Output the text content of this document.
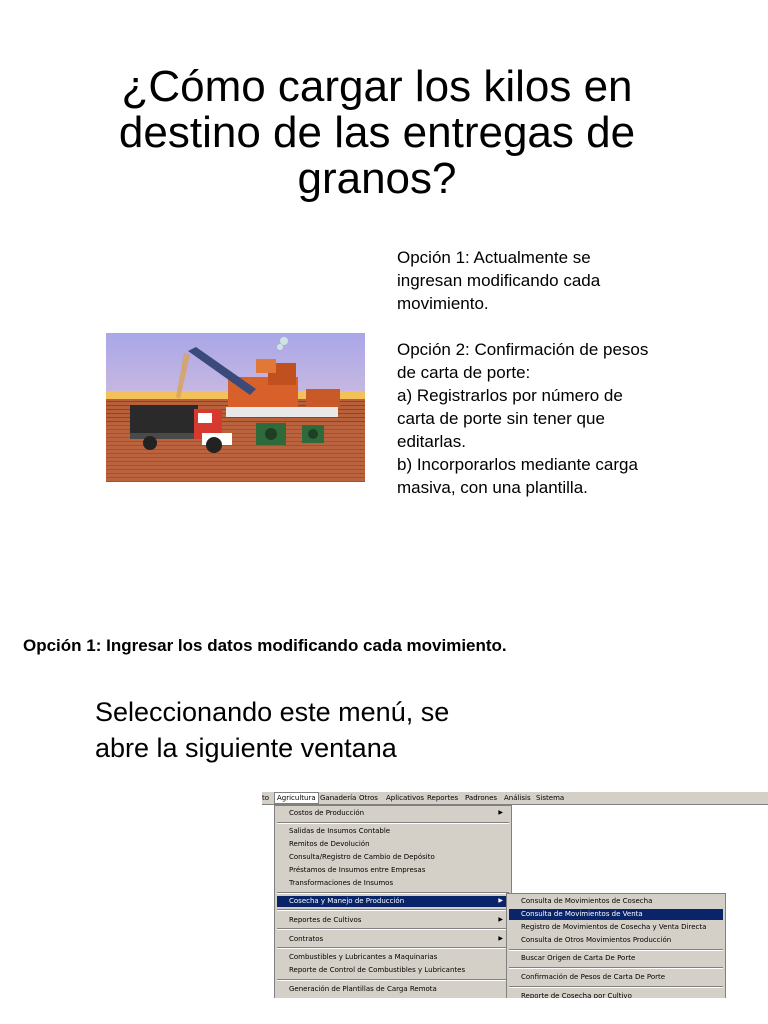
¿Cómo cargar los kilos en
destino de las entregas de
granos?
Opción 1: Actualmente se
ingresan modificando cada
movimiento.
Opción 2: Confirmación de pesos
de carta de porte:
a) Registrarlos por número de
carta de porte sin tener que
editarlas.
b) Incorporarlos mediante carga
masiva, con una plantilla.
Opción 1: Ingresar los datos modificando cada movimiento.
Seleccionando este menú, se
abre la siguiente ventana
to	Agricultura Ganadería Otros Aplicativos Reportes Padrones Análisis Sistema
Costos de Producción	▶
Salidas de Insumos Contable
Remitos de Devolución
Consulta/Registro de Cambio de Depósito
Préstamos de Insumos entre Empresas
Transformaciones de Insumos
Cosecha y Manejo de Producción	▶
Reportes de Cultivos	▶
Contratos	▶
Combustibles y Lubricantes a Maquinarias
Reporte de Control de Combustibles y Lubricantes
Generación de Plantillas de Carga Remota
Consulta de Movimientos de Cosecha
Consulta de Movimientos de Venta
Registro de Movimientos de Cosecha y Venta Directa
Consulta de Otros Movimientos Producción
Buscar Origen de Carta De Porte
Confirmación de Pesos de Carta De Porte
Reporte de Cosecha por Cultivo
